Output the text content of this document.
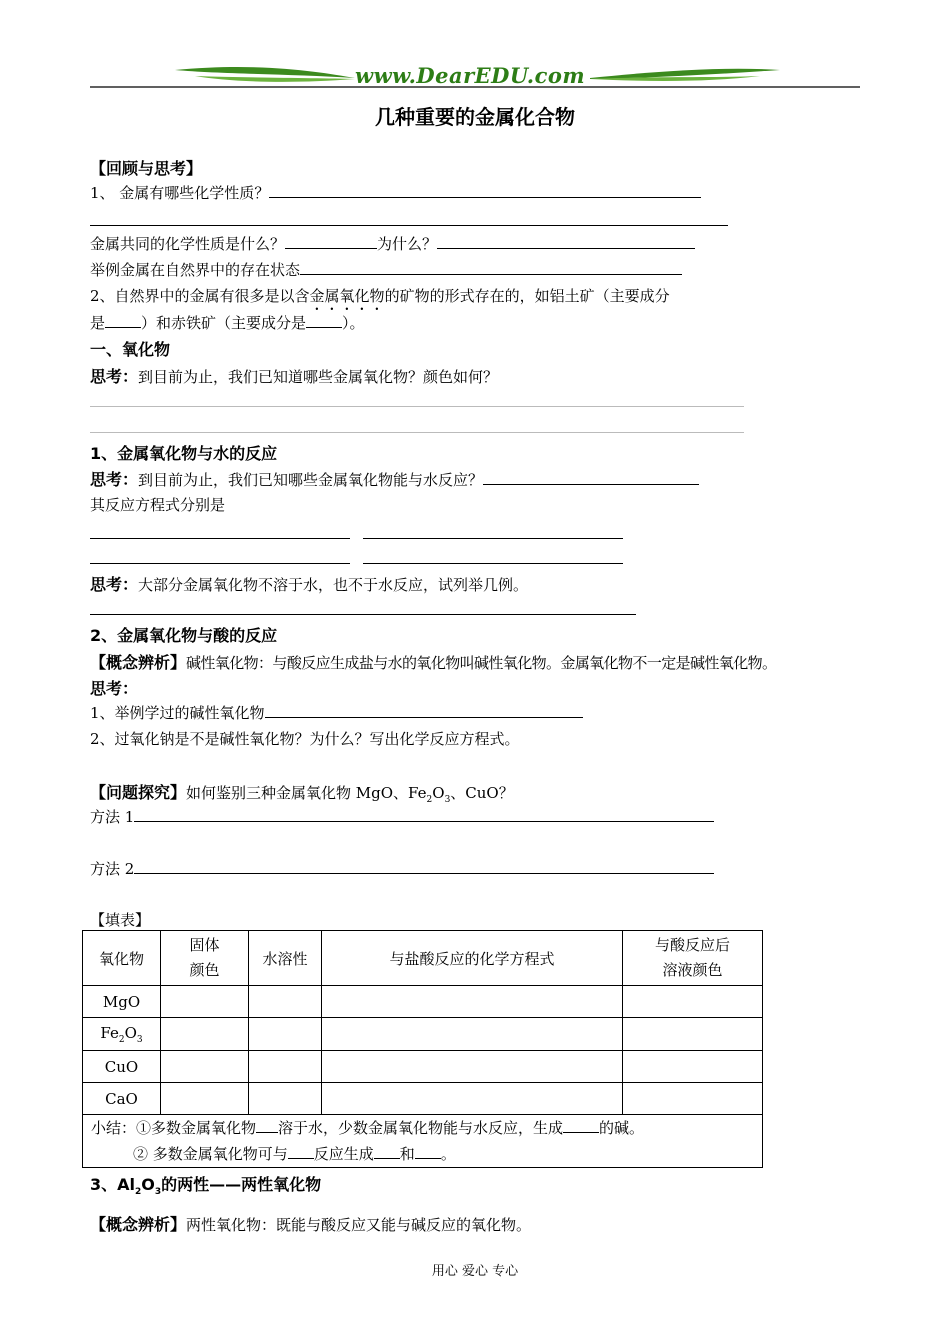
www.DearEDU.com
几种重要的金属化合物
【回顾与思考】
1、 金属有哪些化学性质？
金属共同的化学性质是什么？	为什么？
举例金属在自然界中的存在状态
2、自然界中的金属有很多是以含金属氧化物的矿物的形式存在的，如铝土矿（主要成分
是 ）和赤铁矿（主要成分是 ）。
一、氧化物
思考：到目前为止，我们已知道哪些金属氧化物？颜色如何？
1、金属氧化物与水的反应
思考：到目前为止，我们已知哪些金属氧化物能与水反应？
其反应方程式分别是
思考：大部分金属氧化物不溶于水，也不于水反应，试列举几例。
2、金属氧化物与酸的反应
【概念辨析】碱性氧化物：与酸反应生成盐与水的氧化物叫碱性氧化物。金属氧化物不一定是碱性氧化物。
思考：
1、举例学过的碱性氧化物
2、过氧化钠是不是碱性氧化物？为什么？写出化学反应方程式。
【问题探究】如何鉴别三种金属氧化物 MgO、$Fe_2O_3$、CuO？
方法 1
方法 2
【填表】
氧化物	固体
颜色	水溶性	与盐酸反应的化学方程式	与酸反应后
溶液颜色
MgO				
$Fe_2O_3$				
CuO				
CaO				
小结：①多数金属氧化物 溶于水，少数金属氧化物能与水反应，生成 的碱。
② 多数金属氧化物可与 反应生成 和 。				
3、$Al_2O_3$的两性——两性氧化物
【概念辨析】两性氧化物：既能与酸反应又能与碱反应的氧化物。
用心 爱心 专心
